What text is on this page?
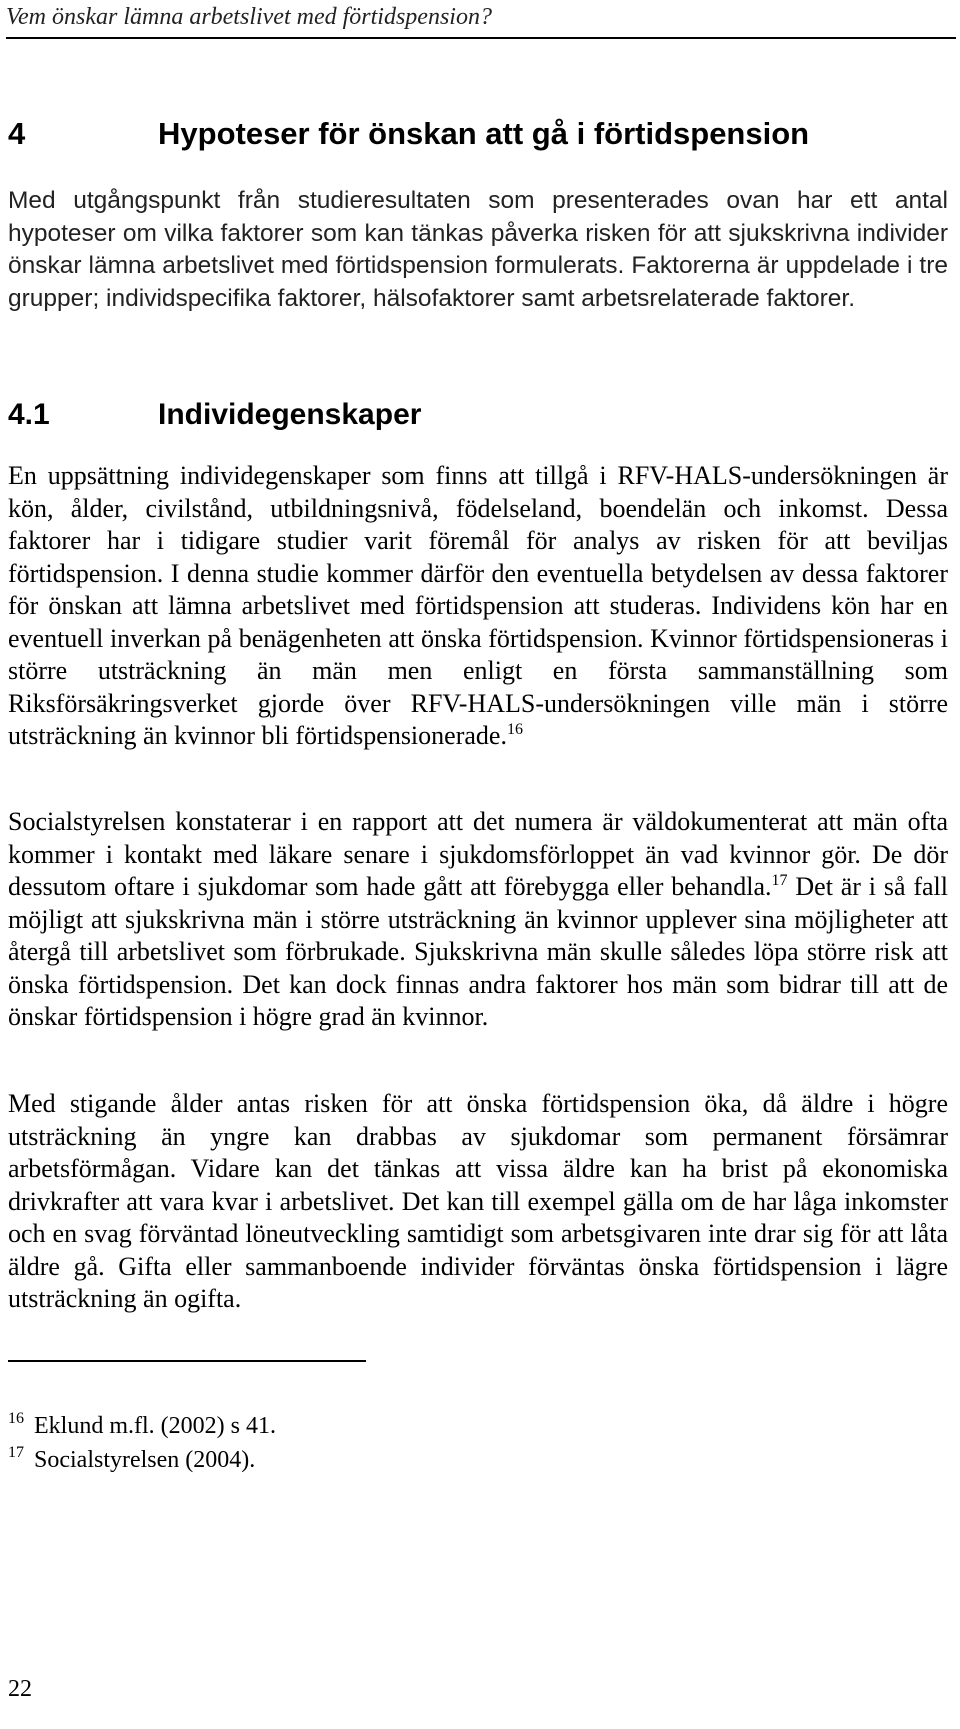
Vem önskar lämna arbetslivet med förtidspension?
4	Hypoteser för önskan att gå i förtidspension

Med utgångspunkt från studieresultaten som presenterades ovan har ett antal hypoteser om vilka faktorer som kan tänkas påverka risken för att sjukskrivna individer önskar lämna arbetslivet med förtidspension formulerats. Faktorerna är uppdelade i tre grupper; individspecifika faktorer, hälsofaktorer samt arbetsrelaterade faktorer.

4.1	Individegenskaper

En uppsättning individegenskaper som finns att tillgå i RFV-HALS-undersökningen är kön, ålder, civilstånd, utbildningsnivå, födelseland, boendelän och inkomst. Dessa faktorer har i tidigare studier varit föremål för analys av risken för att beviljas förtidspension. I denna studie kommer därför den eventuella betydelsen av dessa faktorer för önskan att lämna arbetslivet med förtidspension att studeras. Individens kön har en eventuell inverkan på benägenheten att önska förtidspension. Kvinnor förtidspensioneras i större utsträckning än män men enligt en första sammanställning som Riksförsäkringsverket gjorde över RFV-HALS-undersökningen ville män i större utsträckning än kvinnor bli förtidspensionerade.$^{16}$

Socialstyrelsen konstaterar i en rapport att det numera är väldokumenterat att män ofta kommer i kontakt med läkare senare i sjukdomsförloppet än vad kvinnor gör. De dör dessutom oftare i sjukdomar som hade gått att förebygga eller behandla.$^{17}$ Det är i så fall möjligt att sjukskrivna män i större utsträckning än kvinnor upplever sina möjligheter att återgå till arbetslivet som förbrukade. Sjukskrivna män skulle således löpa större risk att önska förtidspension. Det kan dock finnas andra faktorer hos män som bidrar till att de önskar förtidspension i högre grad än kvinnor.

Med stigande ålder antas risken för att önska förtidspension öka, då äldre i högre utsträckning än yngre kan drabbas av sjukdomar som permanent försämrar arbetsförmågan. Vidare kan det tänkas att vissa äldre kan ha brist på ekonomiska drivkrafter att vara kvar i arbetslivet. Det kan till exempel gälla om de har låga inkomster och en svag förväntad löneutveckling samtidigt som arbetsgivaren inte drar sig för att låta äldre gå. Gifta eller sammanboende individer förväntas önska förtidspension i lägre utsträckning än ogifta.

16 Eklund m.fl. (2002) s 41.
17 Socialstyrelsen (2004).
22
